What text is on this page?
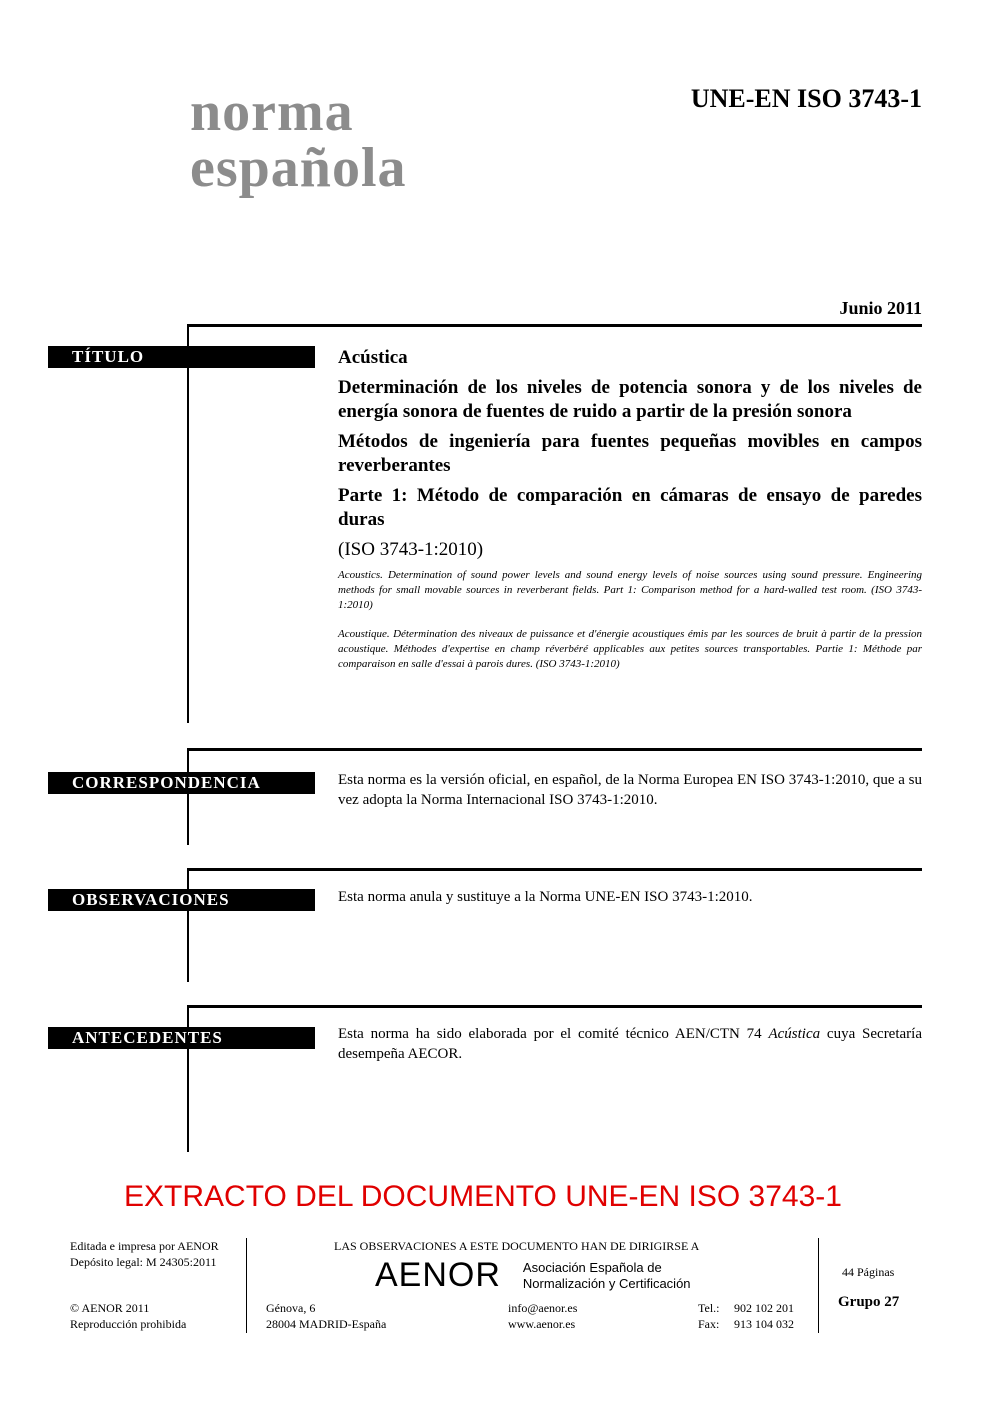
norma
española
UNE-EN ISO 3743-1
Junio 2011
TÍTULO	Acústica

Determinación de los niveles de potencia sonora y de los niveles de energía sonora de fuentes de ruido a partir de la presión sonora

Métodos de ingeniería para fuentes pequeñas movibles en campos reverberantes

Parte 1: Método de comparación en cámaras de ensayo de paredes duras

(ISO 3743-1:2010)

Acoustics. Determination of sound power levels and sound energy levels of noise sources using sound pressure. Engineering methods for small movable sources in reverberant fields. Part 1: Comparison method for a hard-walled test room. (ISO 3743-1:2010)

Acoustique. Détermination des niveaux de puissance et d'énergie acoustiques émis par les sources de bruit à partir de la pression acoustique. Méthodes d'expertise en champ réverbéré applicables aux petites sources transportables. Partie 1: Méthode par comparaison en salle d'essai à parois dures. (ISO 3743-1:2010)

CORRESPONDENCIA	Esta norma es la versión oficial, en español, de la Norma Europea EN ISO 3743-1:2010, que a su vez adopta la Norma Internacional ISO 3743-1:2010.
OBSERVACIONES	Esta norma anula y sustituye a la Norma UNE-EN ISO 3743-1:2010.
ANTECEDENTES	Esta norma ha sido elaborada por el comité técnico AEN/CTN 74 Acústica cuya Secretaría desempeña AECOR.
EXTRACTO DEL DOCUMENTO UNE-EN ISO 3743-1
Editada e impresa por AENOR
Depósito legal: M 24305:2011
© AENOR 2011
Reproducción prohibida
LAS OBSERVACIONES A ESTE DOCUMENTO HAN DE DIRIGIRSE A
AENOR Asociación Española de
Normalización y Certificación
Génova, 6
28004 MADRID-España
info@aenor.es
www.aenor.es
Tel.: 902 102 201
Fax: 913 104 032
44 Páginas
Grupo 27
